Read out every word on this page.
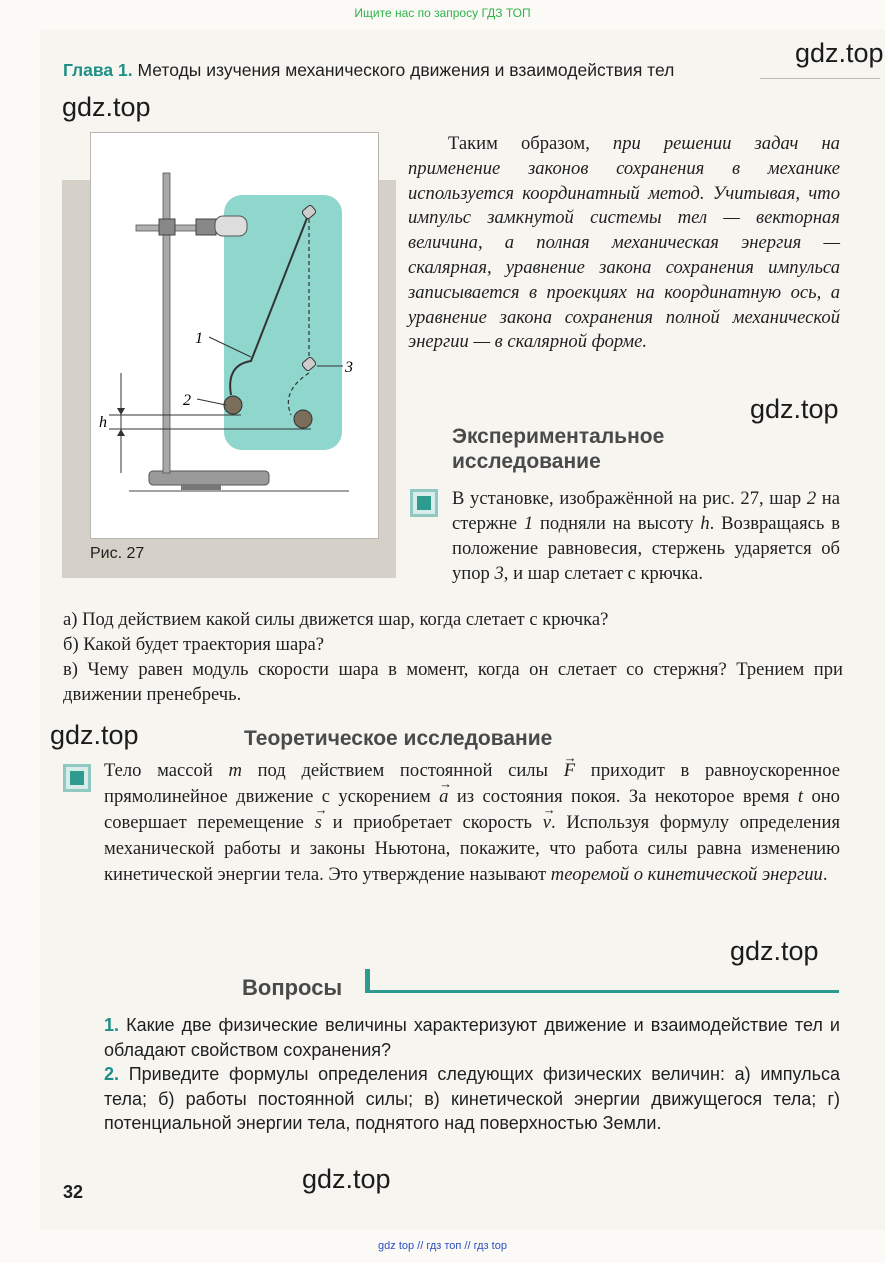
Ищите нас по запросу ГДЗ ТОП
Глава 1. Методы изучения механического движения и взаимодействия тел
gdz.top
gdz.top
gdz.top
gdz.top
gdz.top
gdz.top
1
2
3
h
Рис. 27
Таким образом, при решении задач на применение законов сохранения в механике используется координатный метод. Учитывая, что импульс замкнутой системы тел — векторная величина, а полная механическая энергия — скалярная, уравнение закона сохранения импульса записывается в проекциях на координатную ось, а уравнение закона сохранения полной механической энергии — в скалярной форме.
Экспериментальное
исследование
В установке, изображённой на рис. 27, шар 2 на стержне 1 подняли на высоту h. Возвращаясь в положение равновесия, стержень ударяется об упор 3, и шар слетает с крючка.
а) Под действием какой силы движется шар, когда слетает с крючка?
б) Какой будет траектория шара?
в) Чему равен модуль скорости шара в момент, когда он слетает со стержня? Трением при движении пренебречь.
Теоретическое исследование
Тело массой m под действием постоянной силы → F приходит в равноускоренное прямолинейное движение с ускорением → a из состояния покоя. За некоторое время t оно совершает перемещение → s и приобретает скорость → v. Используя формулу определения механической работы и законы Ньютона, покажите, что работа силы равна изменению кинетической энергии тела. Это утверждение называют теоремой о кинетической энергии.
Вопросы
1. Какие две физические величины характеризуют движение и взаимодействие тел и обладают свойством сохранения?
2. Приведите формулы определения следующих физических величин: а) импульса тела; б) работы постоянной силы; в) кинетической энергии движущегося тела; г) потенциальной энергии тела, поднятого над поверхностью Земли.
32
gdz top // гдз топ // гдз top
